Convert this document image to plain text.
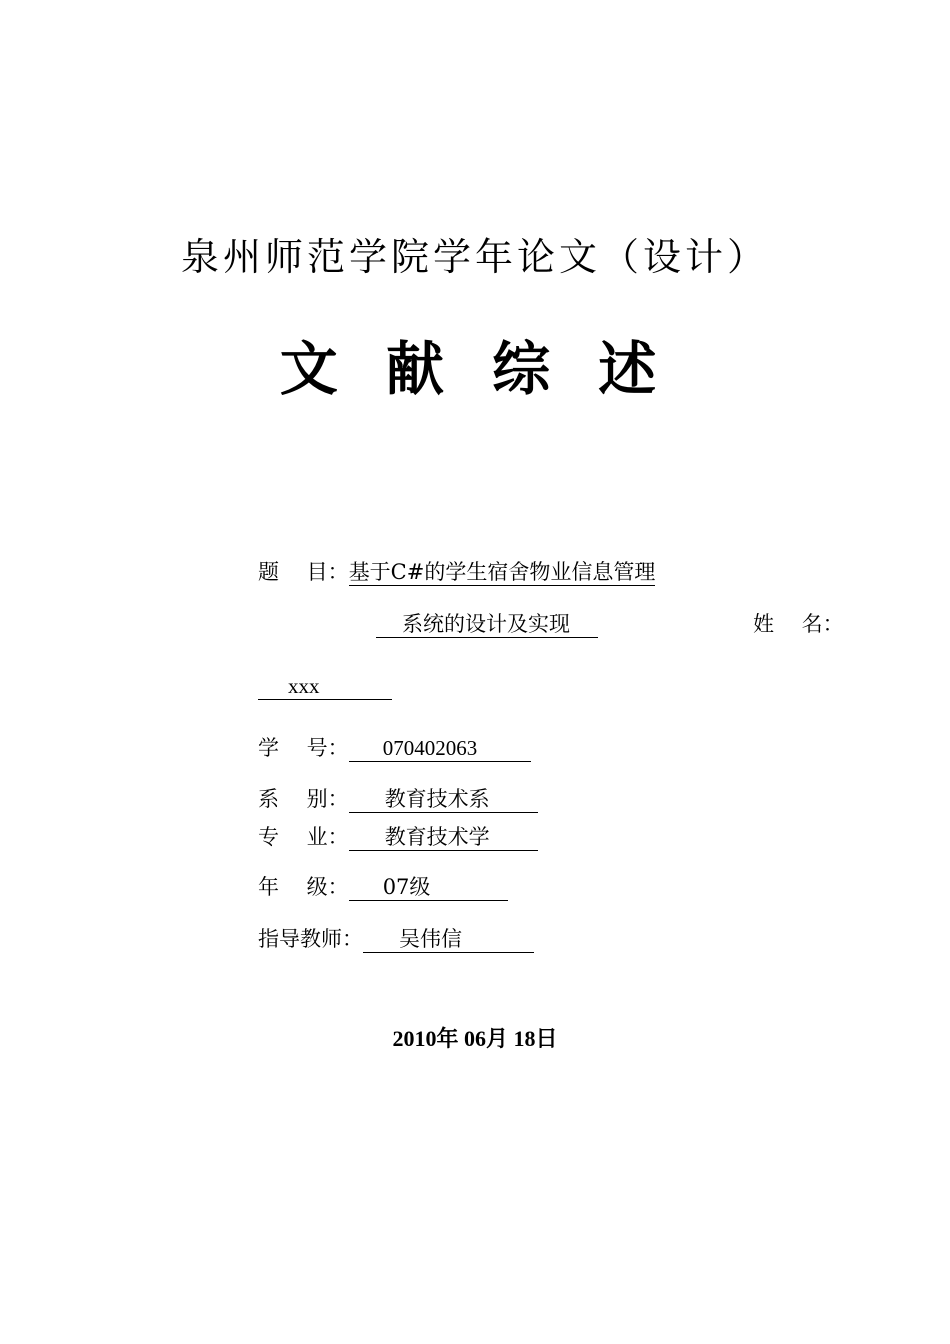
泉州师范学院学年论文（设计）
文 献 综 述
题　 目：基于C#的学生宿舍物业信息管理
系统的设计及实现	姓　 名：
xxx
学　 号： 070402063
系　 别： 教育技术系
专　 业： 教育技术学
年　 级： 07级
指导教师： 吴伟信
2010年 06月 18日
